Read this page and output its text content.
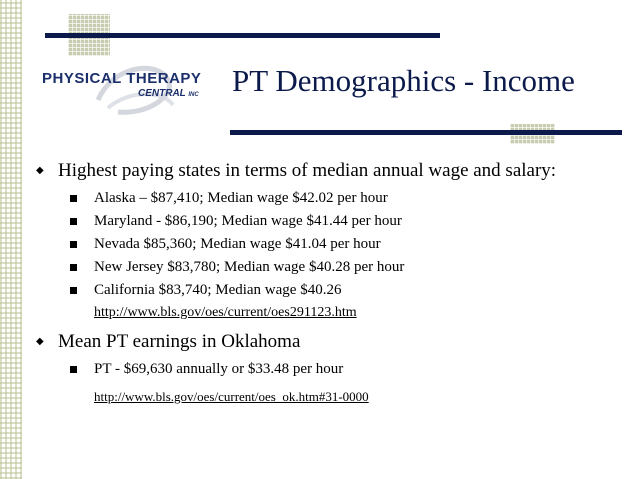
PHYSICAL THERAPY
CENTRAL INC PT Demographics - Income
◆ Highest paying states in terms of median annual wage and salary:
Alaska – $87,410; Median wage $42.02 per hour
Maryland - $86,190; Median wage $41.44 per hour
Nevada $85,360; Median wage $41.04 per hour
New Jersey $83,780; Median wage $40.28 per hour
California $83,740; Median wage $40.26
http://www.bls.gov/oes/current/oes291123.htm
◆ Mean PT earnings in Oklahoma
PT - $69,630 annually or $33.48 per hour
http://www.bls.gov/oes/current/oes_ok.htm#31-0000
